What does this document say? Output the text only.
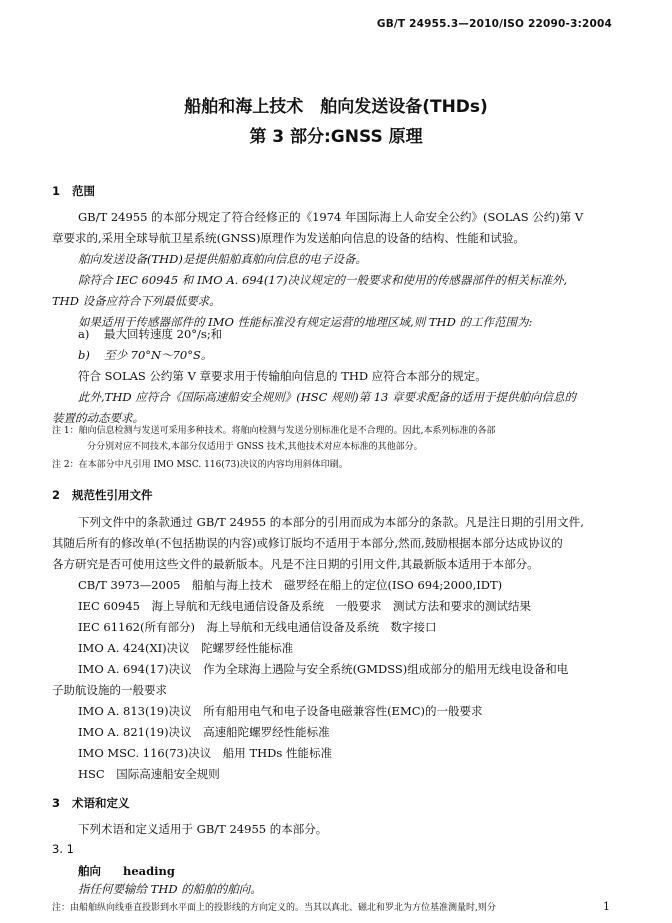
GB/T 24955.3—2010/ISO 22090-3:2004
船舶和海上技术　舶向发送设备(THDs)
第 3 部分:GNSS 原理
1 范围
GB/T 24955 的本部分规定了符合经修正的《1974 年国际海上人命安全公约》(SOLAS 公约)第 V
章要求的,采用全球导航卫星系统(GNSS)原理作为发送舶向信息的设备的结构、性能和试验。
舶向发送设备(THD)是提供船舶真舶向信息的电子设备。
除符合 IEC 60945 和 IMO A. 694(17)决议规定的一般要求和使用的传感器部件的相关标准外,
THD 设备应符合下列最低要求。
如果适用于传感器部件的 IMO 性能标准没有规定运营的地理区域,则 THD 的工作范围为:
a) 最大回转速度 20°/s;和
b) 至少 70°N～70°S。
符合 SOLAS 公约第 V 章要求用于传输舶向信息的 THD 应符合本部分的规定。
此外,THD 应符合《国际高速船安全规则》(HSC 规则)第 13 章要求配备的适用于提供舶向信息的
装置的动态要求。
注 1：舶向信息检测与发送可采用多种技术。将舶向检测与发送分别标准化是不合理的。因此,本系列标准的各部
分分别对应不同技术,本部分仅适用于 GNSS 技术,其他技术对应本标准的其他部分。
注 2：在本部分中凡引用 IMO MSC. 116(73)决议的内容均用斜体印刷。
2 规范性引用文件
下列文件中的条款通过 GB/T 24955 的本部分的引用而成为本部分的条款。凡是注日期的引用文件,
其随后所有的修改单(不包括勘误的内容)或修订版均不适用于本部分,然而,鼓励根据本部分达成协议的
各方研究是否可使用这些文件的最新版本。凡是不注日期的引用文件,其最新版本适用于本部分。
CB/T 3973—2005　船舶与海上技术　磁罗经在船上的定位(ISO 694;2000,IDT)
IEC 60945　海上导航和无线电通信设备及系统　一般要求　测试方法和要求的测试结果
IEC 61162(所有部分)　海上导航和无线电通信设备及系统　数字接口
IMO A. 424(XI)决议　陀螺罗经性能标准
IMO A. 694(17)决议　作为全球海上遇险与安全系统(GMDSS)组成部分的船用无线电设备和电
子助航设施的一般要求
IMO A. 813(19)决议　所有船用电气和电子设备电磁兼容性(EMC)的一般要求
IMO A. 821(19)决议　高速船陀螺罗经性能标准
IMO MSC. 116(73)决议　船用 THDs 性能标准
HSC　国际高速船安全规则
3 术语和定义
下列术语和定义适用于 GB/T 24955 的本部分。
3. 1
舶向 heading
指任何要输给 THD 的船舶的舶向。
注：由船舶纵向线垂直投影到水平面上的投影线的方向定义的。当其以真北、磁北和罗北为方位基准测量时,则分	1
